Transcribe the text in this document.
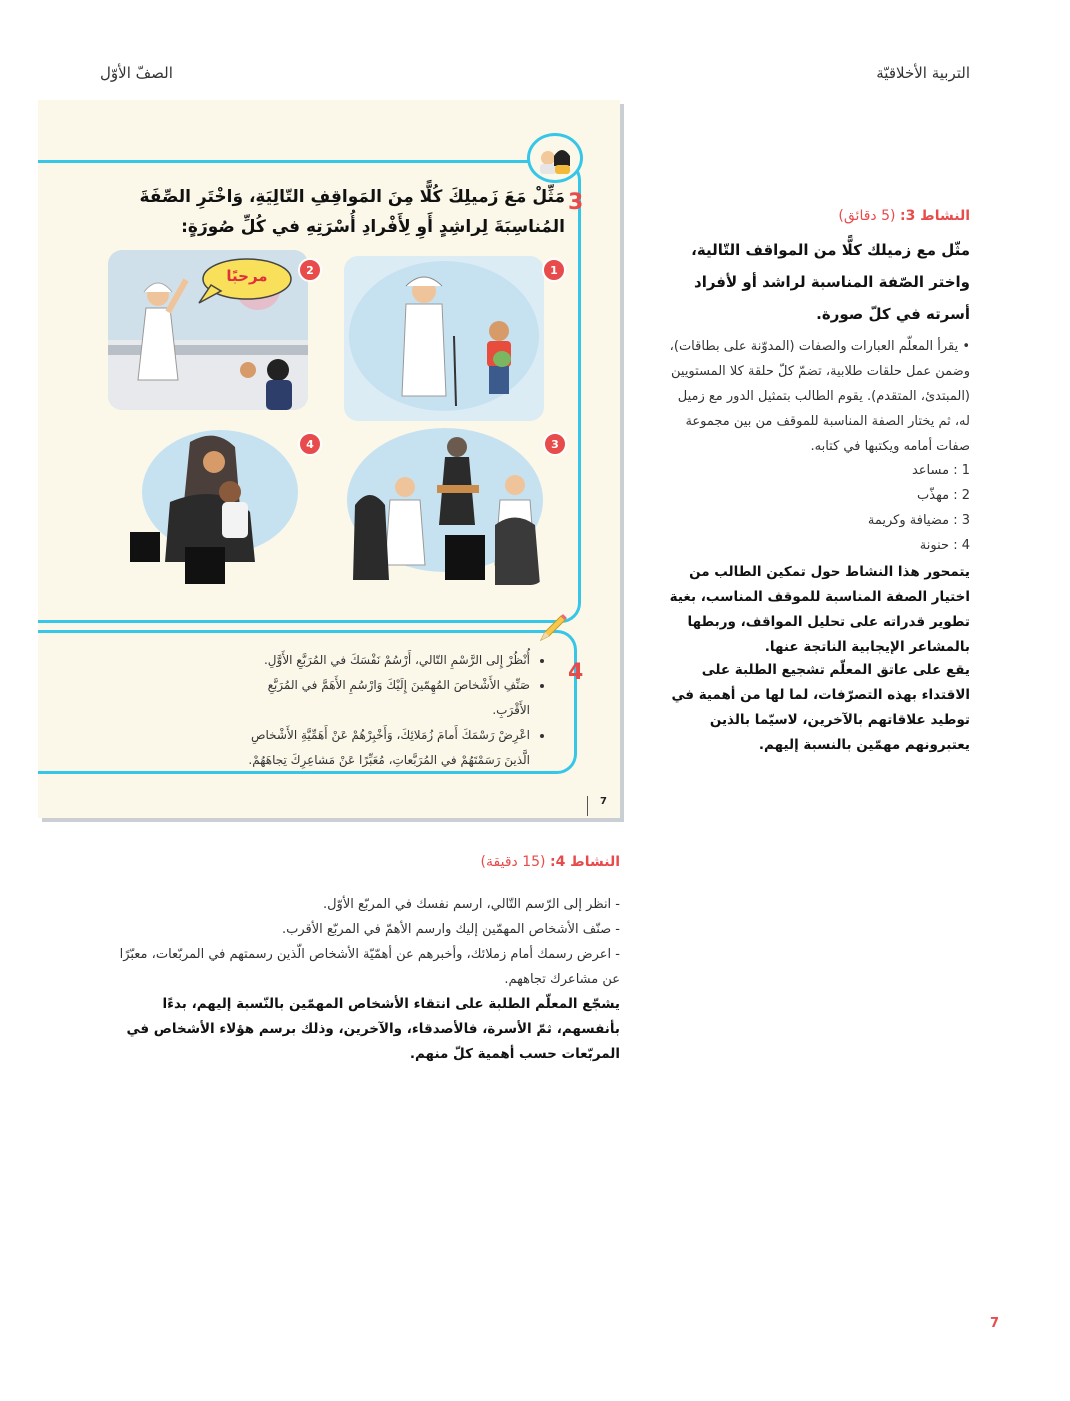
التربية الأخلاقيّة
الصفّ الأوّل
3
مَثِّلْ مَعَ زَميلِكَ كُلًّا مِنَ المَواقِفِ التّالِيَةِ، وَاخْتَرِ الصِّفَةَ المُناسِبَةَ لِراشِدٍ أَوِ لِأَفْرادِ أُسْرَتِهِ في كُلِّ صُورَةٍ:
1
مرحبًا	2
3
4
4
• أُنْظُرْ إِلى الرَّسْمِ التّالي، أَرْسُمْ نَفْسَكَ في المُرَبَّعِ الأَوَّلِ.
• صَنِّفِ الأَشْخاصَ المُهِمّينَ إِلَيْكَ وَارْسُمِ الأَهَمَّ في المُرَبَّعِ الأَقْرَبِ.
• اعْرِضْ رَسْمَكَ أَمامَ زُمَلائِكَ، وَأَخْبِرْهُمْ عَنْ أَهَمِّيَّةِ الأَشْخاصِ الَّذينَ رَسَمْتَهُمْ في المُرَبَّعاتِ، مُعَبِّرًا عَنْ مَشاعِرِكَ تِجاهَهُمْ.
7
النشاط 3: (5 دقائق)
مثّل مع زميلك كلًّا من المواقف التّالية، واختر الصّفة المناسبة لراشد أو لأفراد أسرته في كلّ صورة.
• يقرأ المعلّم العبارات والصفات (المدوّنة على بطاقات)، وضمن عمل حلقات طلابية، تضمّ كلّ حلقة كلا المستويين (المبتدئ، المتقدم). يقوم الطالب بتمثيل الدور مع زميل له، ثم يختار الصفة المناسبة للموقف من بين مجموعة صفات أمامه ويكتبها في كتابه.
1 : مساعد
2 : مهذّب
3 : مضيافة وكريمة
4 : حنونة
يتمحور هذا النشاط حول تمكين الطالب من اختيار الصفة المناسبة للموقف المناسب، بغية تطوير قدراته على تحليل المواقف، وربطها بالمشاعر الإيجابية الناتجة عنها.
يقع على عاتق المعلّم تشجيع الطلبة على الاقتداء بهذه التصرّفات، لما لها من أهمية في توطيد علاقاتهم بالآخرين، لاسيّما بالذين يعتبرونهم مهمّين بالنسبة إليهم.
النشاط 4: (15 دقيقة)
- انظر إلى الرّسم التّالي، ارسم نفسك في المربّع الأوّل.
- صنّف الأشخاص المهمّين إليك وارسم الأهمّ في المربّع الأقرب.
- اعرض رسمك أمام زملائك، وأخبرهم عن أهمّيّة الأشخاص الّذين رسمتهم في المربّعات، معبّرًا عن مشاعرك تجاههم.
يشجّع المعلّم الطلبة على انتقاء الأشخاص المهمّين بالنّسبة إليهم، بدءًا بأنفسهم، ثمّ الأسرة، فالأصدقاء، والآخرين، وذلك برسم هؤلاء الأشخاص في المربّعات حسب أهمية كلّ منهم.
7
